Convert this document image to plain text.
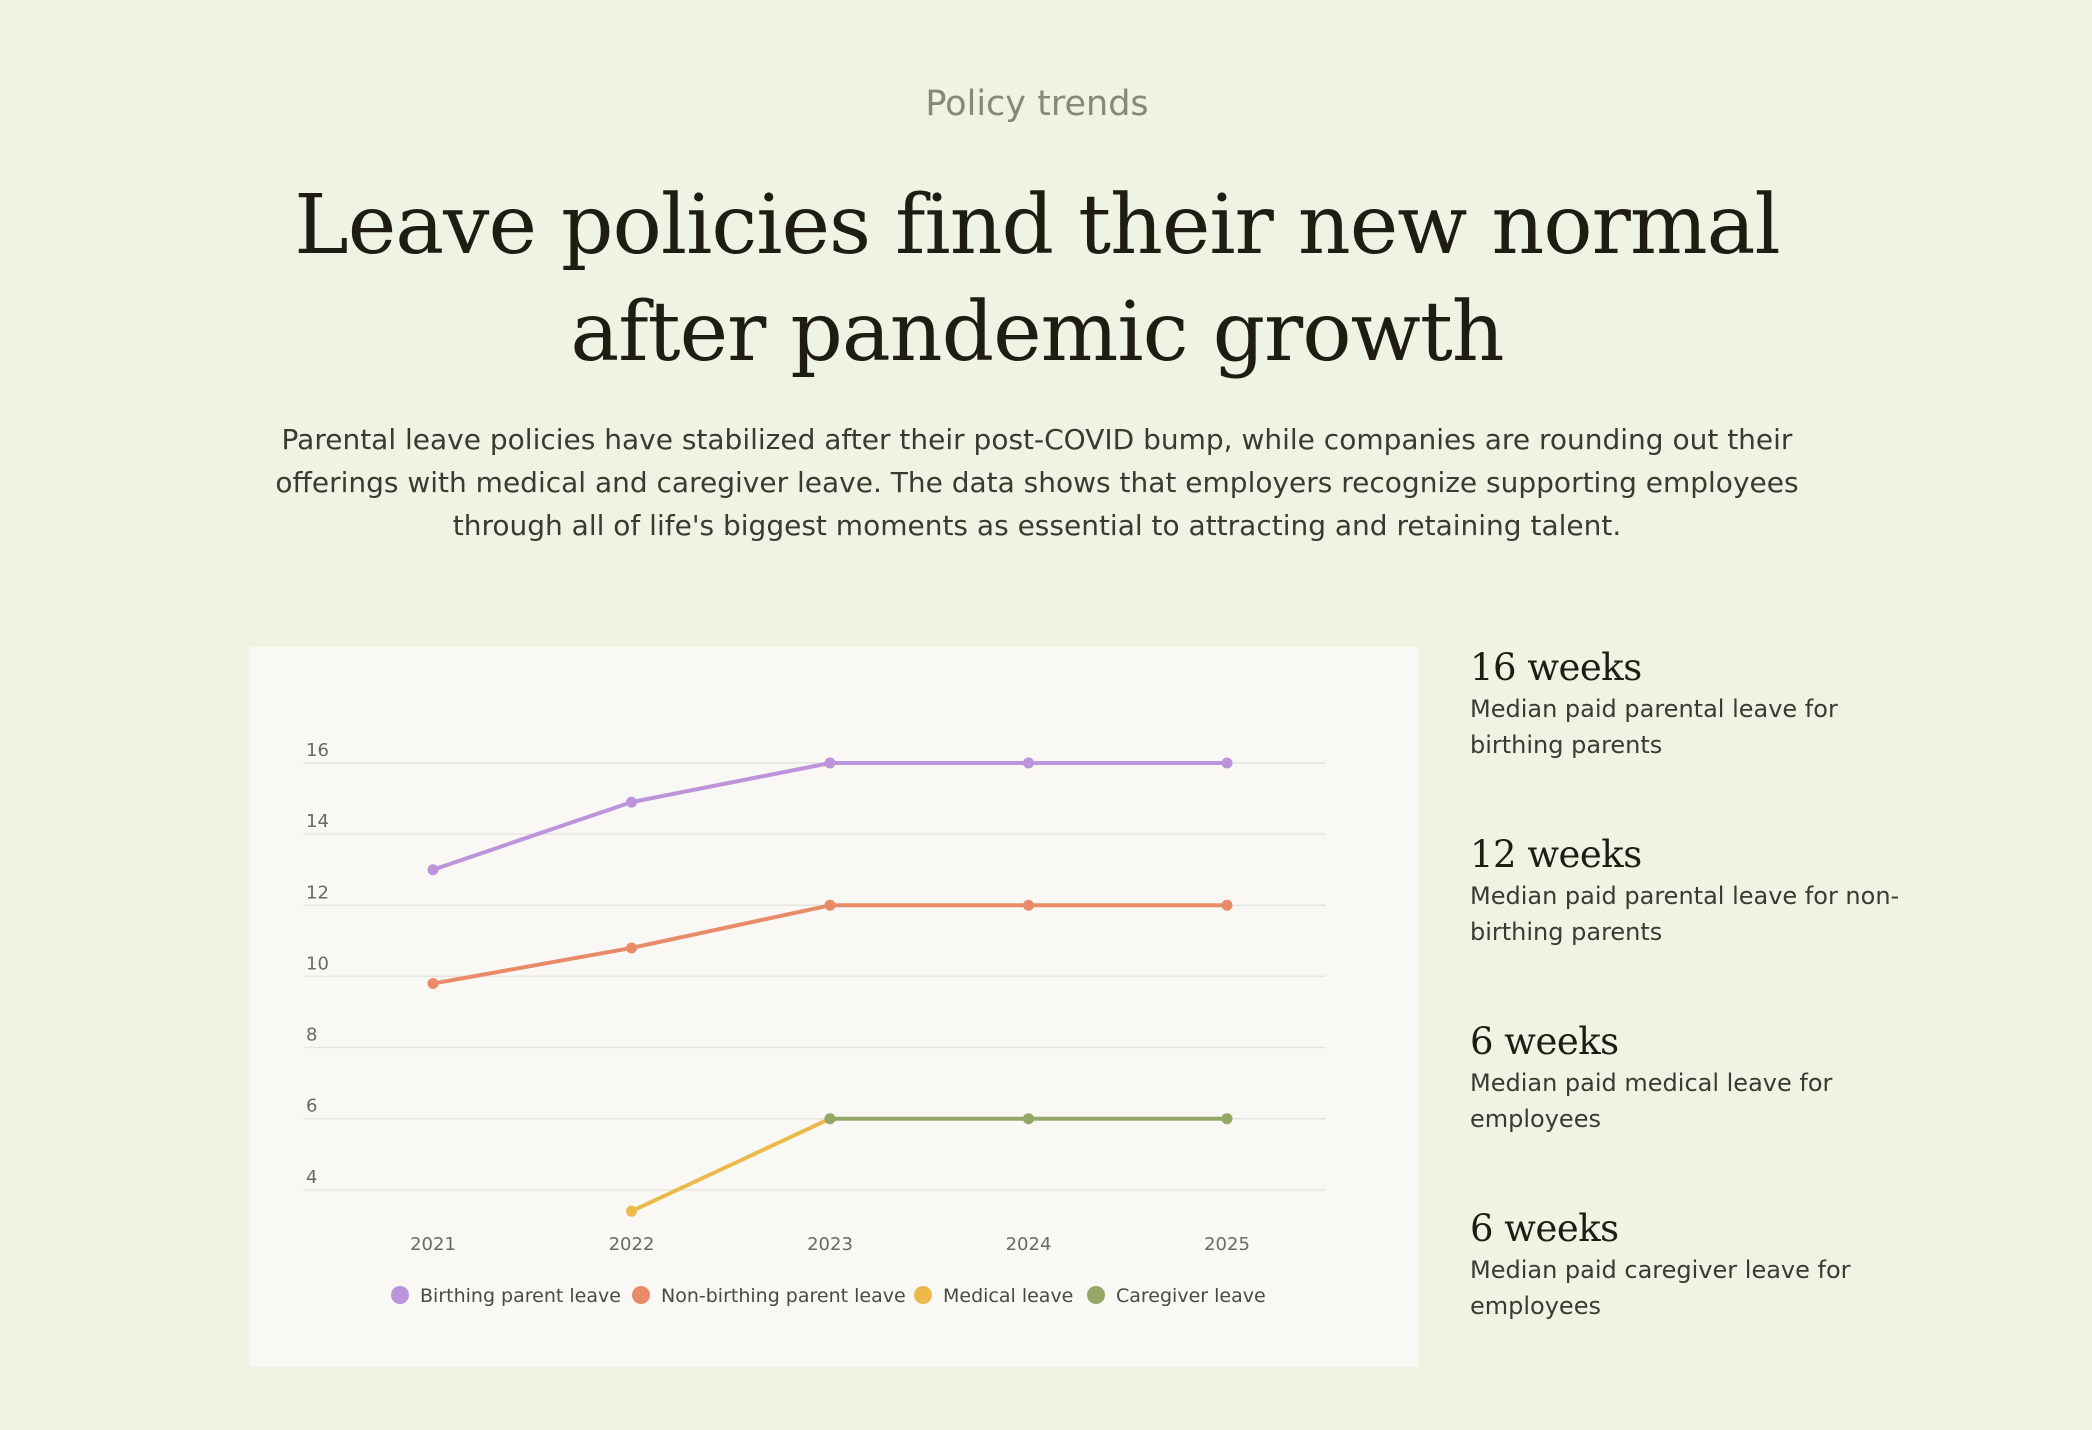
Policy trends
Leave policies find their new normal after pandemic growth

Parental leave policies have stabilized after their post-COVID bump, while companies are rounding out their offerings with medical and caregiver leave. The data shows that employers recognize supporting employees through all of life's biggest moments as essential to attracting and retaining talent.

4
6
8
10
12
14
16
2021	2022	2023	2024	2025
Birthing parent leave Non-birthing parent leave Medical leave Caregiver leave
16 weeks
Median paid parental leave for birthing parents
12 weeks
Median paid parental leave for non-birthing parents
6 weeks
Median paid medical leave for employees
6 weeks
Median paid caregiver leave for employees
